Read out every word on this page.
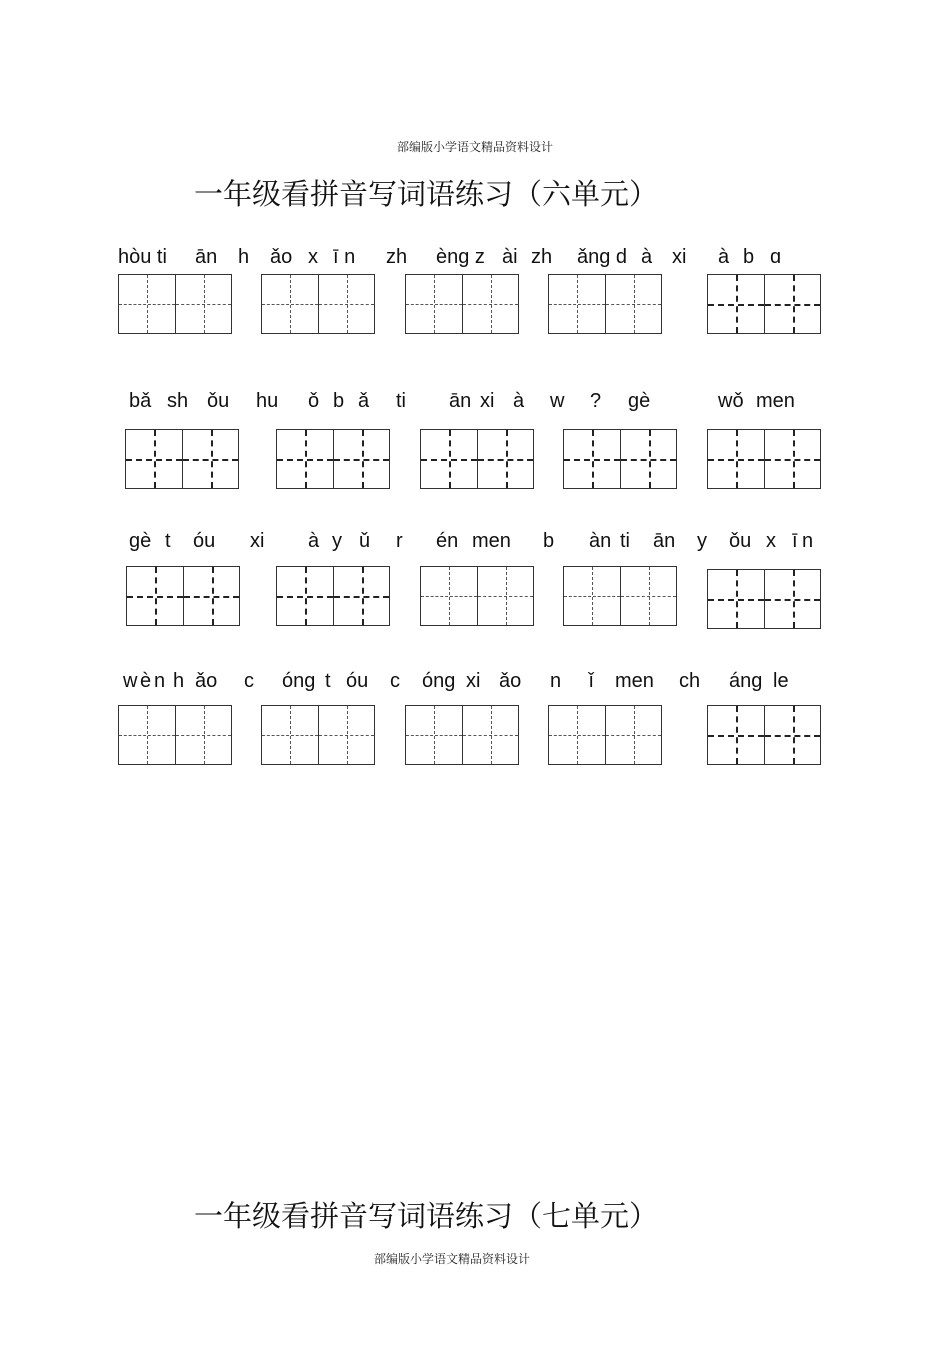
部编版小学语文精品资料设计
一年级看拼音写词语练习（六单元）
hòu ti ān h ǎo x ī n zh èng z ài zh ǎng d à xi à b ɑ
bǎ sh ǒu hu ǒ b ǎ ti ān xi à w ? gè	wǒ men
gè t óu xi à y ǔ r én men b àn ti ān y ǒu x ī n
w è n h ǎo c óng t óu c óng xi ǎo n ǐ men ch áng le
一年级看拼音写词语练习（七单元）
部编版小学语文精品资料设计
